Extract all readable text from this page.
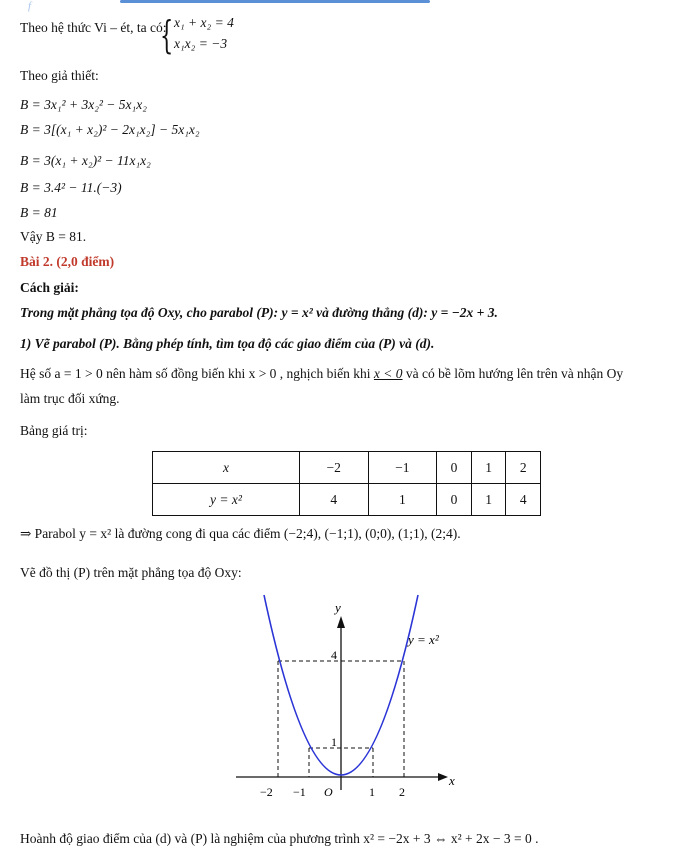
f
Theo hệ thức Vi – ét, ta có:
{ x₁ + x₂ = 4
x₁x₂ = −3
Theo giả thiết:
B = 3x₁² + 3x₂² − 5x₁x₂
B = 3[(x₁ + x₂)² − 2x₁x₂] − 5x₁x₂
B = 3(x₁ + x₂)² − 11x₁x₂
B = 3.4² − 11.(−3)
B = 81
Vậy B = 81.
Bài 2. (2,0 điểm)
Cách giải:
Trong mặt phẳng tọa độ Oxy, cho parabol (P): y = x² và đường thẳng (d): y = −2x + 3.
1) Vẽ parabol (P). Bằng phép tính, tìm tọa độ các giao điểm của (P) và (d).
Hệ số a = 1 > 0 nên hàm số đồng biến khi x > 0 , nghịch biến khi x < 0 và có bề lõm hướng lên trên và nhận Oy
làm trục đối xứng.
Bảng giá trị:
x	−2	−1	0	1	2
y = x²	4	1	0	1	4
⇒ Parabol y = x² là đường cong đi qua các điểm (−2;4), (−1;1), (0;0), (1;1), (2;4).
Vẽ đồ thị (P) trên mặt phẳng tọa độ Oxy:
y
x
y = x²
4
1
−2 −1 O	1 2
Hoành độ giao điểm của (d) và (P) là nghiệm của phương trình x² = −2x + 3 ⇔ x² + 2x − 3 = 0 .
